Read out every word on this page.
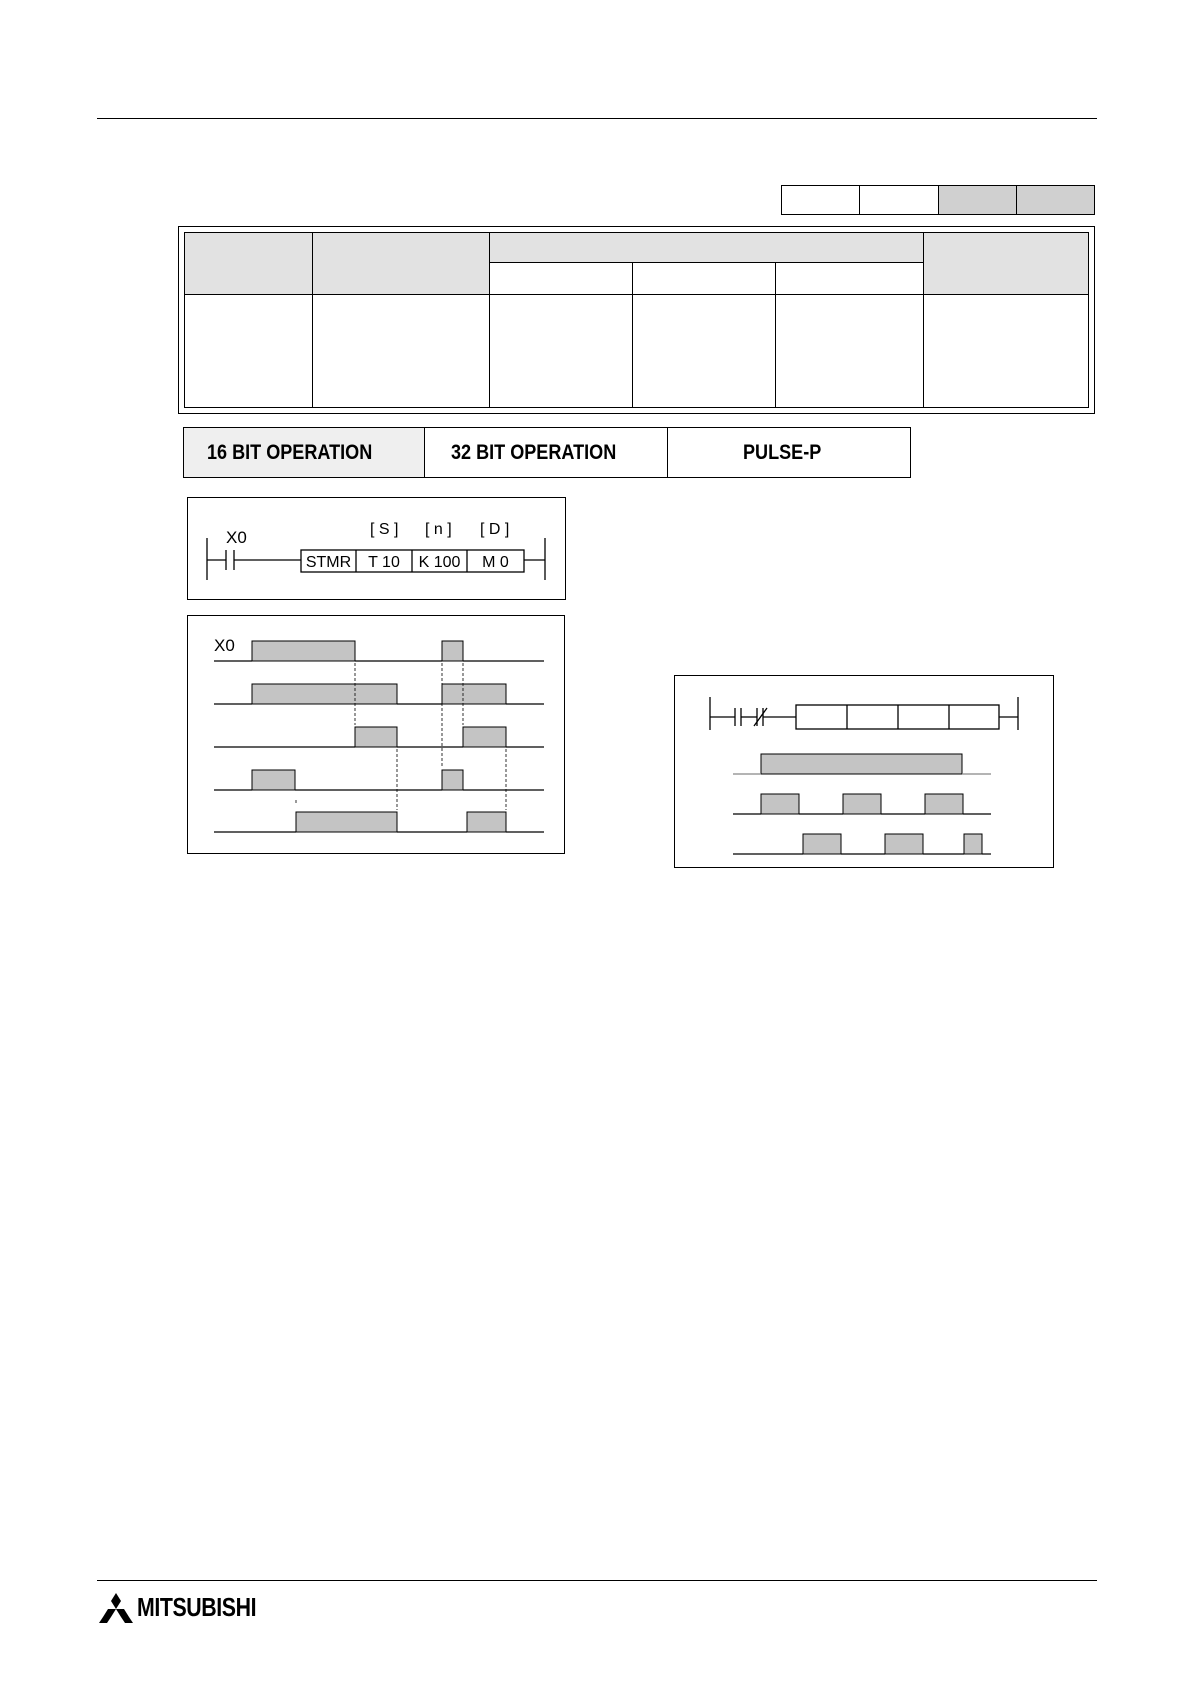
16 BIT OPERATION	32 BIT OPERATION	PULSE-P
X0	[ S ] [ n ] [ D ]
STMR T 10 K 100 M 0
X0
MITSUBISHI
